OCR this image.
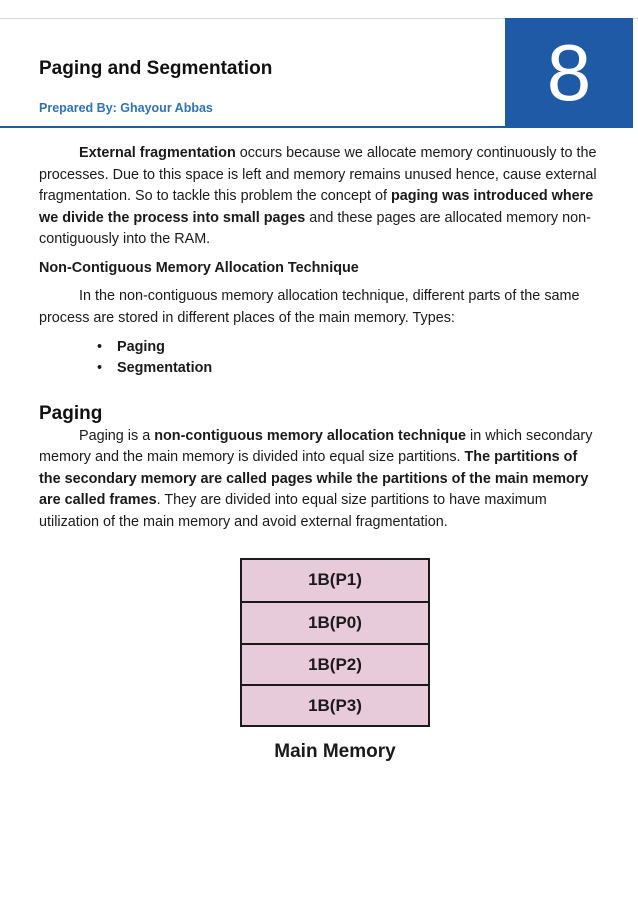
8
Paging and Segmentation

Prepared By: Ghayour Abbas

External fragmentation occurs because we allocate memory continuously to the processes. Due to this space is left and memory remains unused hence, cause external fragmentation. So to tackle this problem the concept of paging was introduced where we divide the process into small pages and these pages are allocated memory non-contiguously into the RAM.

Non-Contiguous Memory Allocation Technique

In the non-contiguous memory allocation technique, different parts of the same process are stored in different places of the main memory. Types:

• Paging
• Segmentation
Paging

Paging is a non-contiguous memory allocation technique in which secondary memory and the main memory is divided into equal size partitions. The partitions of the secondary memory are called pages while the partitions of the main memory are called frames. They are divided into equal size partitions to have maximum utilization of the main memory and avoid external fragmentation.

1B(P1)
1B(P0)
1B(P2)
1B(P3)
Main Memory
